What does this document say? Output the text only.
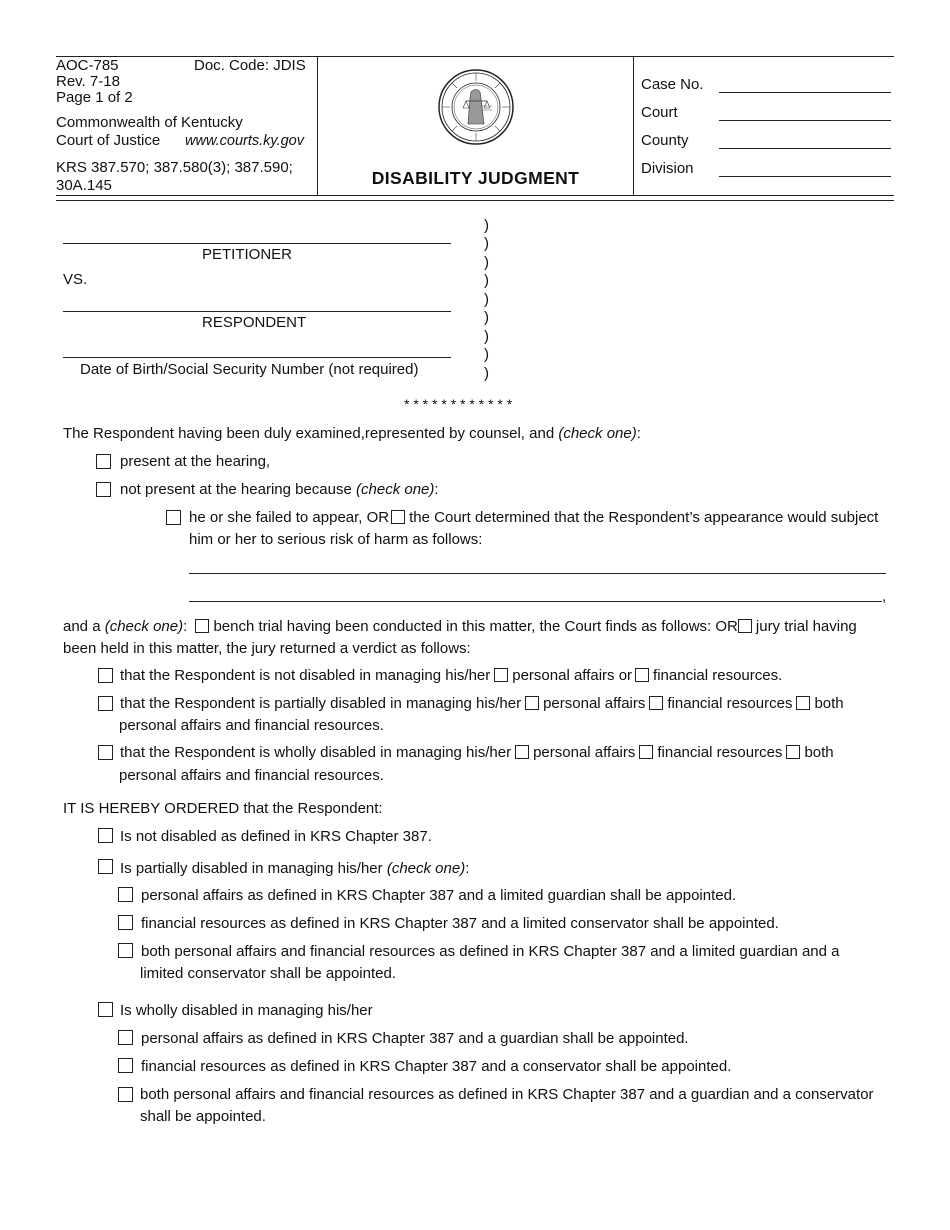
AOC-785	Doc. Code: JDIS
Rev. 7-18
Page 1 of 2
Commonwealth of Kentucky
Court of Justice www.courts.ky.gov
KRS 387.570; 387.580(3); 387.590;
30A.145	DISABILITY JUDGMENT
Case No.
Court
County
Division
PETITIONER
VS.
RESPONDENT
Date of Birth/Social Security Number (not required)
)
)
)
)
)
)
)
)
)
* * * * * * * * * * * *
The Respondent having been duly examined,represented by counsel, and (check one):
present at the hearing,
not present at the hearing because (check one):
he or she failed to appear, OR the Court determined that the Respondent’s appearance would subject
him or her to serious risk of harm as follows:
,
and a (check one): bench trial having been conducted in this matter, the Court finds as follows: OR jury trial having
been held in this matter, the jury returned a verdict as follows:
that the Respondent is not disabled in managing his/her personal affairs or financial resources.
that the Respondent is partially disabled in managing his/her personal affairs financial resources both
personal affairs and financial resources.
that the Respondent is wholly disabled in managing his/her personal affairs financial resources both
personal affairs and financial resources.
IT IS HEREBY ORDERED that the Respondent:
Is not disabled as defined in KRS Chapter 387.
Is partially disabled in managing his/her (check one):
personal affairs as defined in KRS Chapter 387 and a limited guardian shall be appointed.
financial resources as defined in KRS Chapter 387 and a limited conservator shall be appointed.
both personal affairs and financial resources as defined in KRS Chapter 387 and a limited guardian and a
limited conservator shall be appointed.
Is wholly disabled in managing his/her
personal affairs as defined in KRS Chapter 387 and a guardian shall be appointed.
financial resources as defined in KRS Chapter 387 and a conservator shall be appointed.
both personal affairs and financial resources as defined in KRS Chapter 387 and a guardian and a conservator
shall be appointed.
